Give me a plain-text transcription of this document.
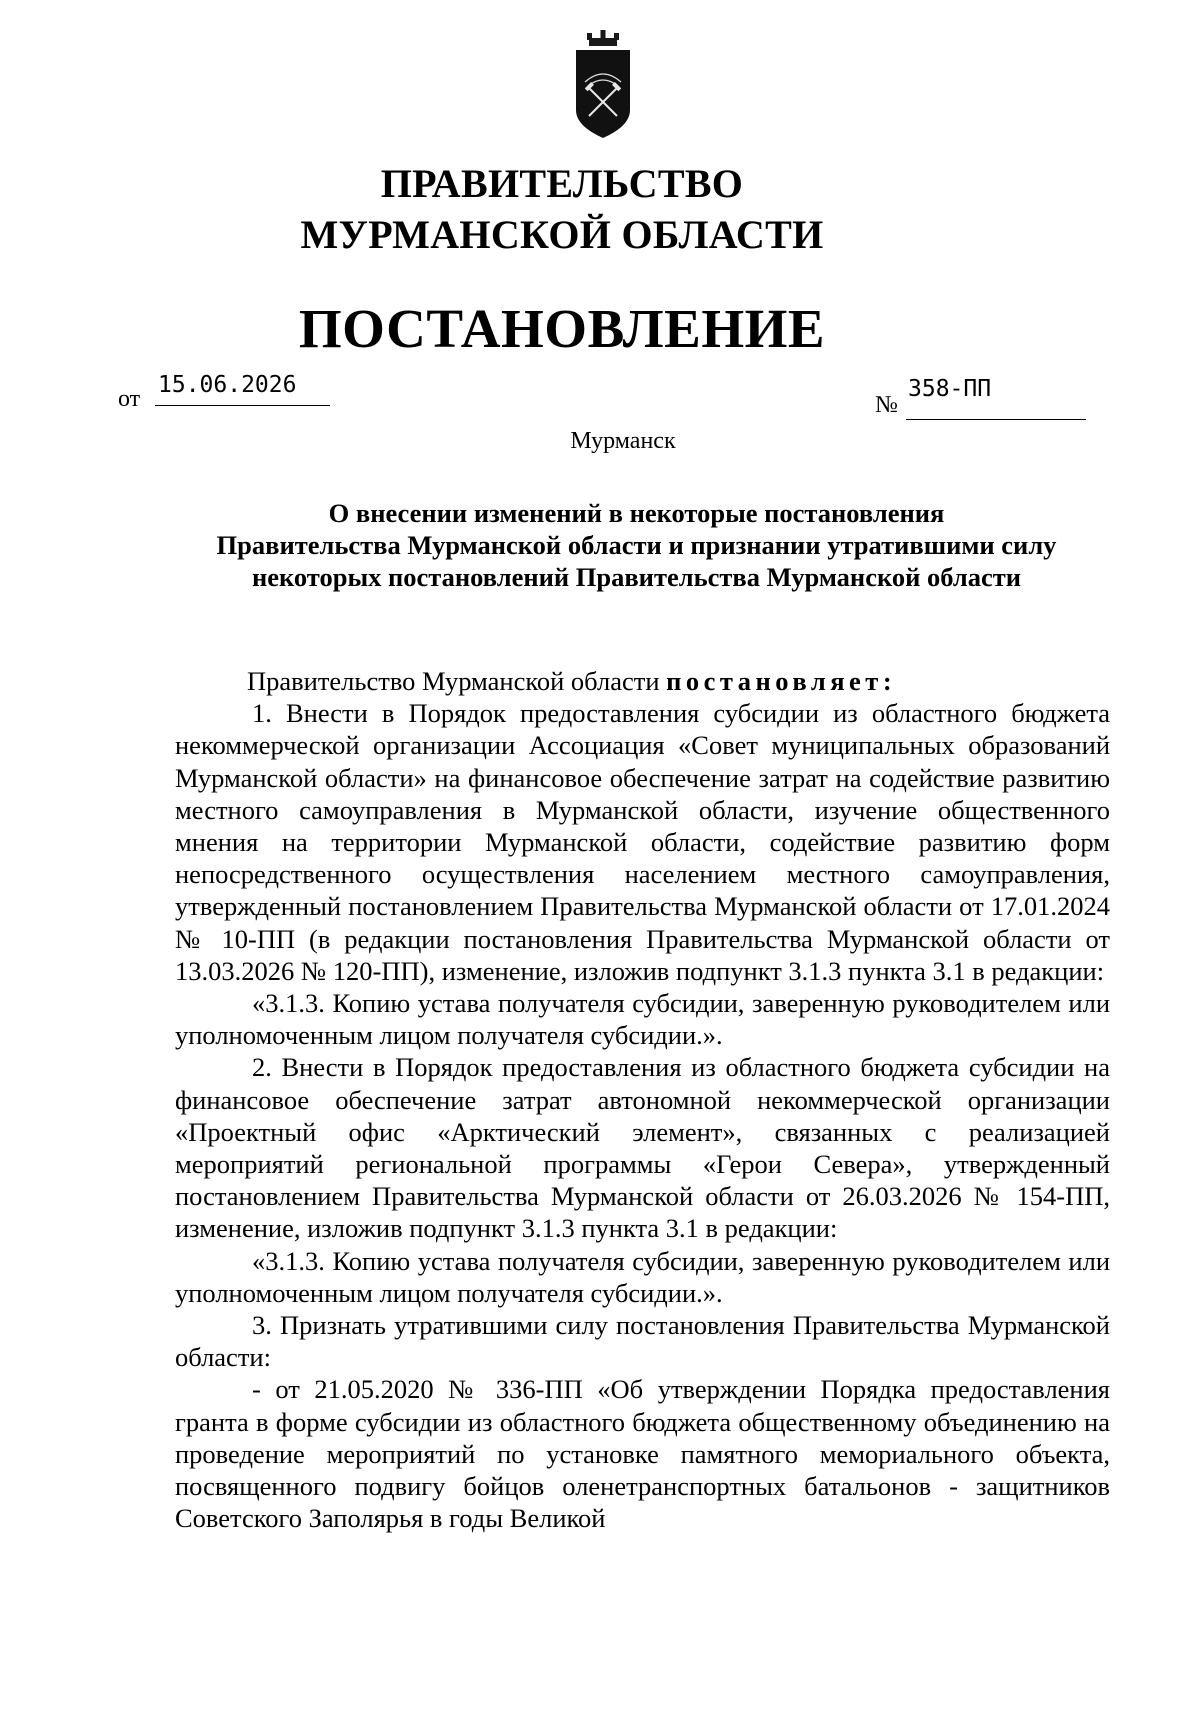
ПРАВИТЕЛЬСТВО
МУРМАНСКОЙ ОБЛАСТИ
ПОСТАНОВЛЕНИЕ
от
15.06.2026
№
358-ПП
Мурманск
О внесении изменений в некоторые постановления
Правительства Мурманской области и признании утратившими силу
некоторых постановлений Правительства Мурманской области

Правительство Мурманской области постановляет:

1. Внести в Порядок предоставления субсидии из областного бюджета некоммерческой организации Ассоциация «Совет муниципальных образований Мурманской области» на финансовое обеспечение затрат на содействие развитию местного самоуправления в Мурманской области, изучение общественного мнения на территории Мурманской области, содействие развитию форм непосредственного осуществления населением местного самоуправления, утвержденный постановлением Правительства Мурманской области от 17.01.2024 № 10-ПП (в редакции постановления Правительства Мурманской области от 13.03.2026 № 120-ПП), изменение, изложив подпункт 3.1.3 пункта 3.1 в редакции:

«3.1.3. Копию устава получателя субсидии, заверенную руководителем или уполномоченным лицом получателя субсидии.».

2. Внести в Порядок предоставления из областного бюджета субсидии на финансовое обеспечение затрат автономной некоммерческой организации «Проектный офис «Арктический элемент», связанных с реализацией мероприятий региональной программы «Герои Севера», утвержденный постановлением Правительства Мурманской области от 26.03.2026 № 154-ПП, изменение, изложив подпункт 3.1.3 пункта 3.1 в редакции:

«3.1.3. Копию устава получателя субсидии, заверенную руководителем или уполномоченным лицом получателя субсидии.».

3. Признать утратившими силу постановления Правительства Мурманской области:

- от 21.05.2020 № 336-ПП «Об утверждении Порядка предоставления гранта в форме субсидии из областного бюджета общественному объединению на проведение мероприятий по установке памятного мемориального объекта, посвященного подвигу бойцов оленетранспортных батальонов - защитников Советского Заполярья в годы Великой
